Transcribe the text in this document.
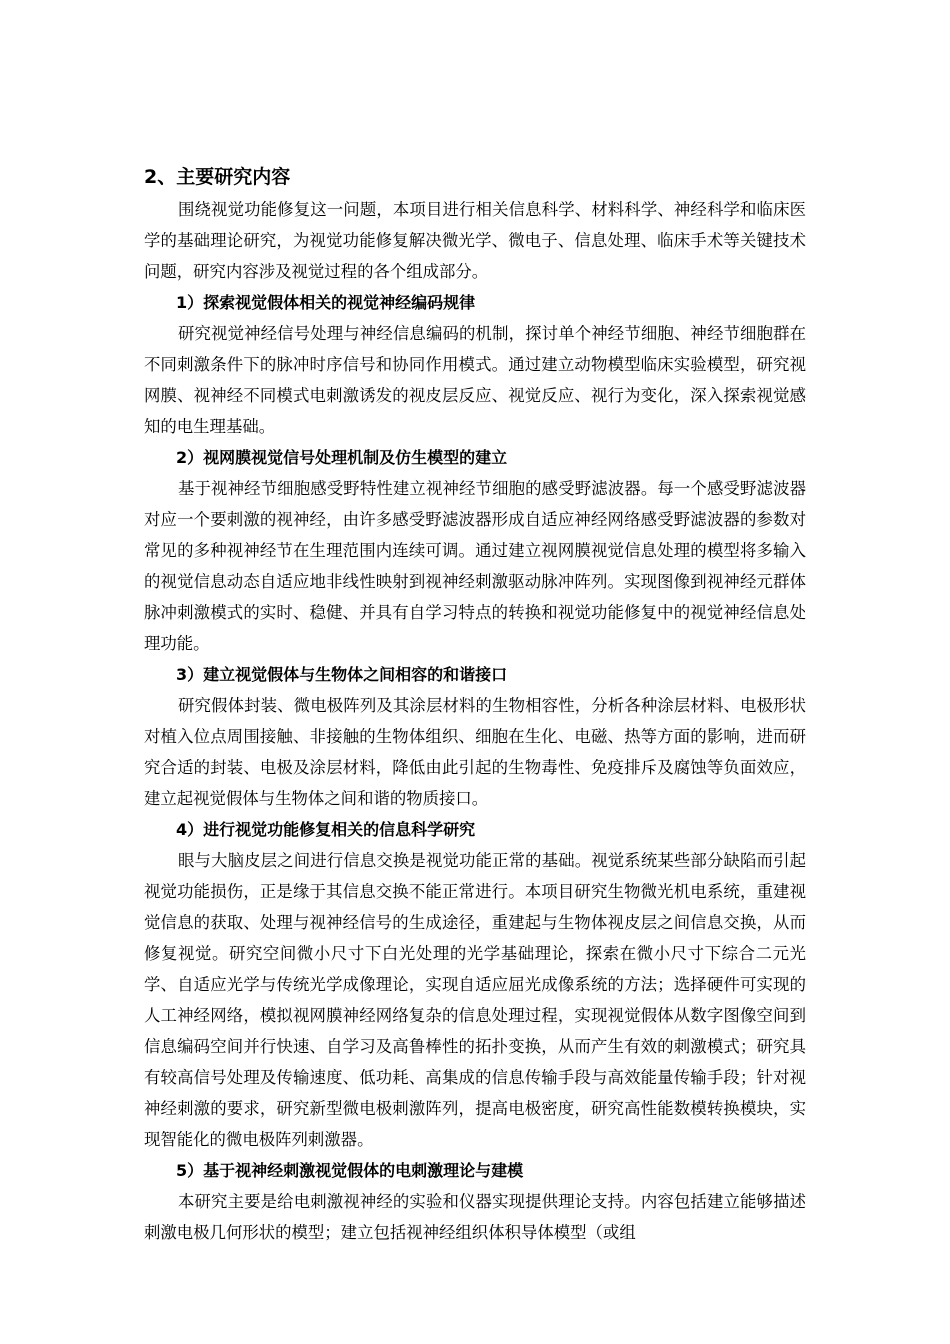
2、主要研究内容

围绕视觉功能修复这一问题，本项目进行相关信息科学、材料科学、神经科学和临床医学的基础理论研究，为视觉功能修复解决微光学、微电子、信息处理、临床手术等关键技术问题，研究内容涉及视觉过程的各个组成部分。

1）探索视觉假体相关的视觉神经编码规律

研究视觉神经信号处理与神经信息编码的机制，探讨单个神经节细胞、神经节细胞群在不同刺激条件下的脉冲时序信号和协同作用模式。通过建立动物模型临床实验模型，研究视网膜、视神经不同模式电刺激诱发的视皮层反应、视觉反应、视行为变化，深入探索视觉感知的电生理基础。

2）视网膜视觉信号处理机制及仿生模型的建立

基于视神经节细胞感受野特性建立视神经节细胞的感受野滤波器。每一个感受野滤波器对应一个要刺激的视神经，由许多感受野滤波器形成自适应神经网络感受野滤波器的参数对常见的多种视神经节在生理范围内连续可调。通过建立视网膜视觉信息处理的模型将多输入的视觉信息动态自适应地非线性映射到视神经刺激驱动脉冲阵列。实现图像到视神经元群体脉冲刺激模式的实时、稳健、并具有自学习特点的转换和视觉功能修复中的视觉神经信息处理功能。

3）建立视觉假体与生物体之间相容的和谐接口

研究假体封装、微电极阵列及其涂层材料的生物相容性，分析各种涂层材料、电极形状对植入位点周围接触、非接触的生物体组织、细胞在生化、电磁、热等方面的影响，进而研究合适的封装、电极及涂层材料，降低由此引起的生物毒性、免疫排斥及腐蚀等负面效应，建立起视觉假体与生物体之间和谐的物质接口。

4）进行视觉功能修复相关的信息科学研究

眼与大脑皮层之间进行信息交换是视觉功能正常的基础。视觉系统某些部分缺陷而引起视觉功能损伤，正是缘于其信息交换不能正常进行。本项目研究生物微光机电系统，重建视觉信息的获取、处理与视神经信号的生成途径，重建起与生物体视皮层之间信息交换，从而修复视觉。研究空间微小尺寸下白光处理的光学基础理论，探索在微小尺寸下综合二元光学、自适应光学与传统光学成像理论，实现自适应屈光成像系统的方法；选择硬件可实现的人工神经网络，模拟视网膜神经网络复杂的信息处理过程，实现视觉假体从数字图像空间到信息编码空间并行快速、自学习及高鲁棒性的拓扑变换，从而产生有效的刺激模式；研究具有较高信号处理及传输速度、低功耗、高集成的信息传输手段与高效能量传输手段；针对视神经刺激的要求，研究新型微电极刺激阵列，提高电极密度，研究高性能数模转换模块，实现智能化的微电极阵列刺激器。

5）基于视神经刺激视觉假体的电刺激理论与建模

本研究主要是给电刺激视神经的实验和仪器实现提供理论支持。内容包括建立能够描述刺激电极几何形状的模型；建立包括视神经组织体积导体模型（或组
